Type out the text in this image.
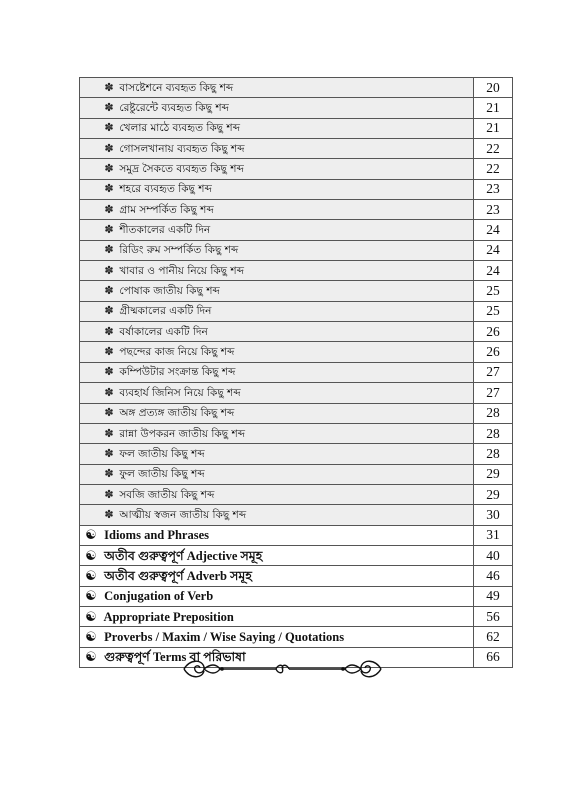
✽ বাসষ্টেশনে ব্যবহৃত কিছু শব্দ	20
✽ রেষ্টুরেন্টে ব্যবহৃত কিছু শব্দ	21
✽ খেলার মাঠে ব্যবহৃত কিছু শব্দ	21
✽ গোসলখানায় ব্যবহৃত কিছু শব্দ	22
✽ সমুদ্র সৈকতে ব্যবহৃত কিছু শব্দ	22
✽ শহরে ব্যবহৃত কিছু শব্দ	23
✽ গ্রাম সম্পর্কিত কিছু শব্দ	23
✽ শীতকালের একটি দিন	24
✽ রিডিং রুম সম্পর্কিত কিছু শব্দ	24
✽ খাবার ও পানীয় নিয়ে কিছু শব্দ	24
✽ পোষাক জাতীয় কিছু শব্দ	25
✽ গ্রীষ্মকালের একটি দিন	25
✽ বর্ষাকালের একটি দিন	26
✽ পছন্দের কাজ নিয়ে কিছু শব্দ	26
✽ কম্পিউটার সংক্রান্ত কিছু শব্দ	27
✽ ব্যবহার্য জিনিস নিয়ে কিছু শব্দ	27
✽ অঙ্গ প্রত্যঙ্গ জাতীয় কিছু শব্দ	28
✽ রান্না উপকরন জাতীয় কিছু শব্দ	28
✽ ফল জাতীয় কিছু শব্দ	28
✽ ফুল জাতীয় কিছু শব্দ	29
✽ সবজি জাতীয় কিছু শব্দ	29
✽ আত্মীয় স্বজন জাতীয় কিছু শব্দ	30
☯ Idioms and Phrases	31
☯ অতীব গুরুত্বপূর্ণ Adjective সমূহ	40
☯ অতীব গুরুত্বপূর্ণ Adverb সমূহ	46
☯ Conjugation of Verb	49
☯ Appropriate Preposition	56
☯ Proverbs / Maxim / Wise Saying / Quotations	62
☯ গুরুত্বপূর্ণ Terms বা পরিভাষা	66
